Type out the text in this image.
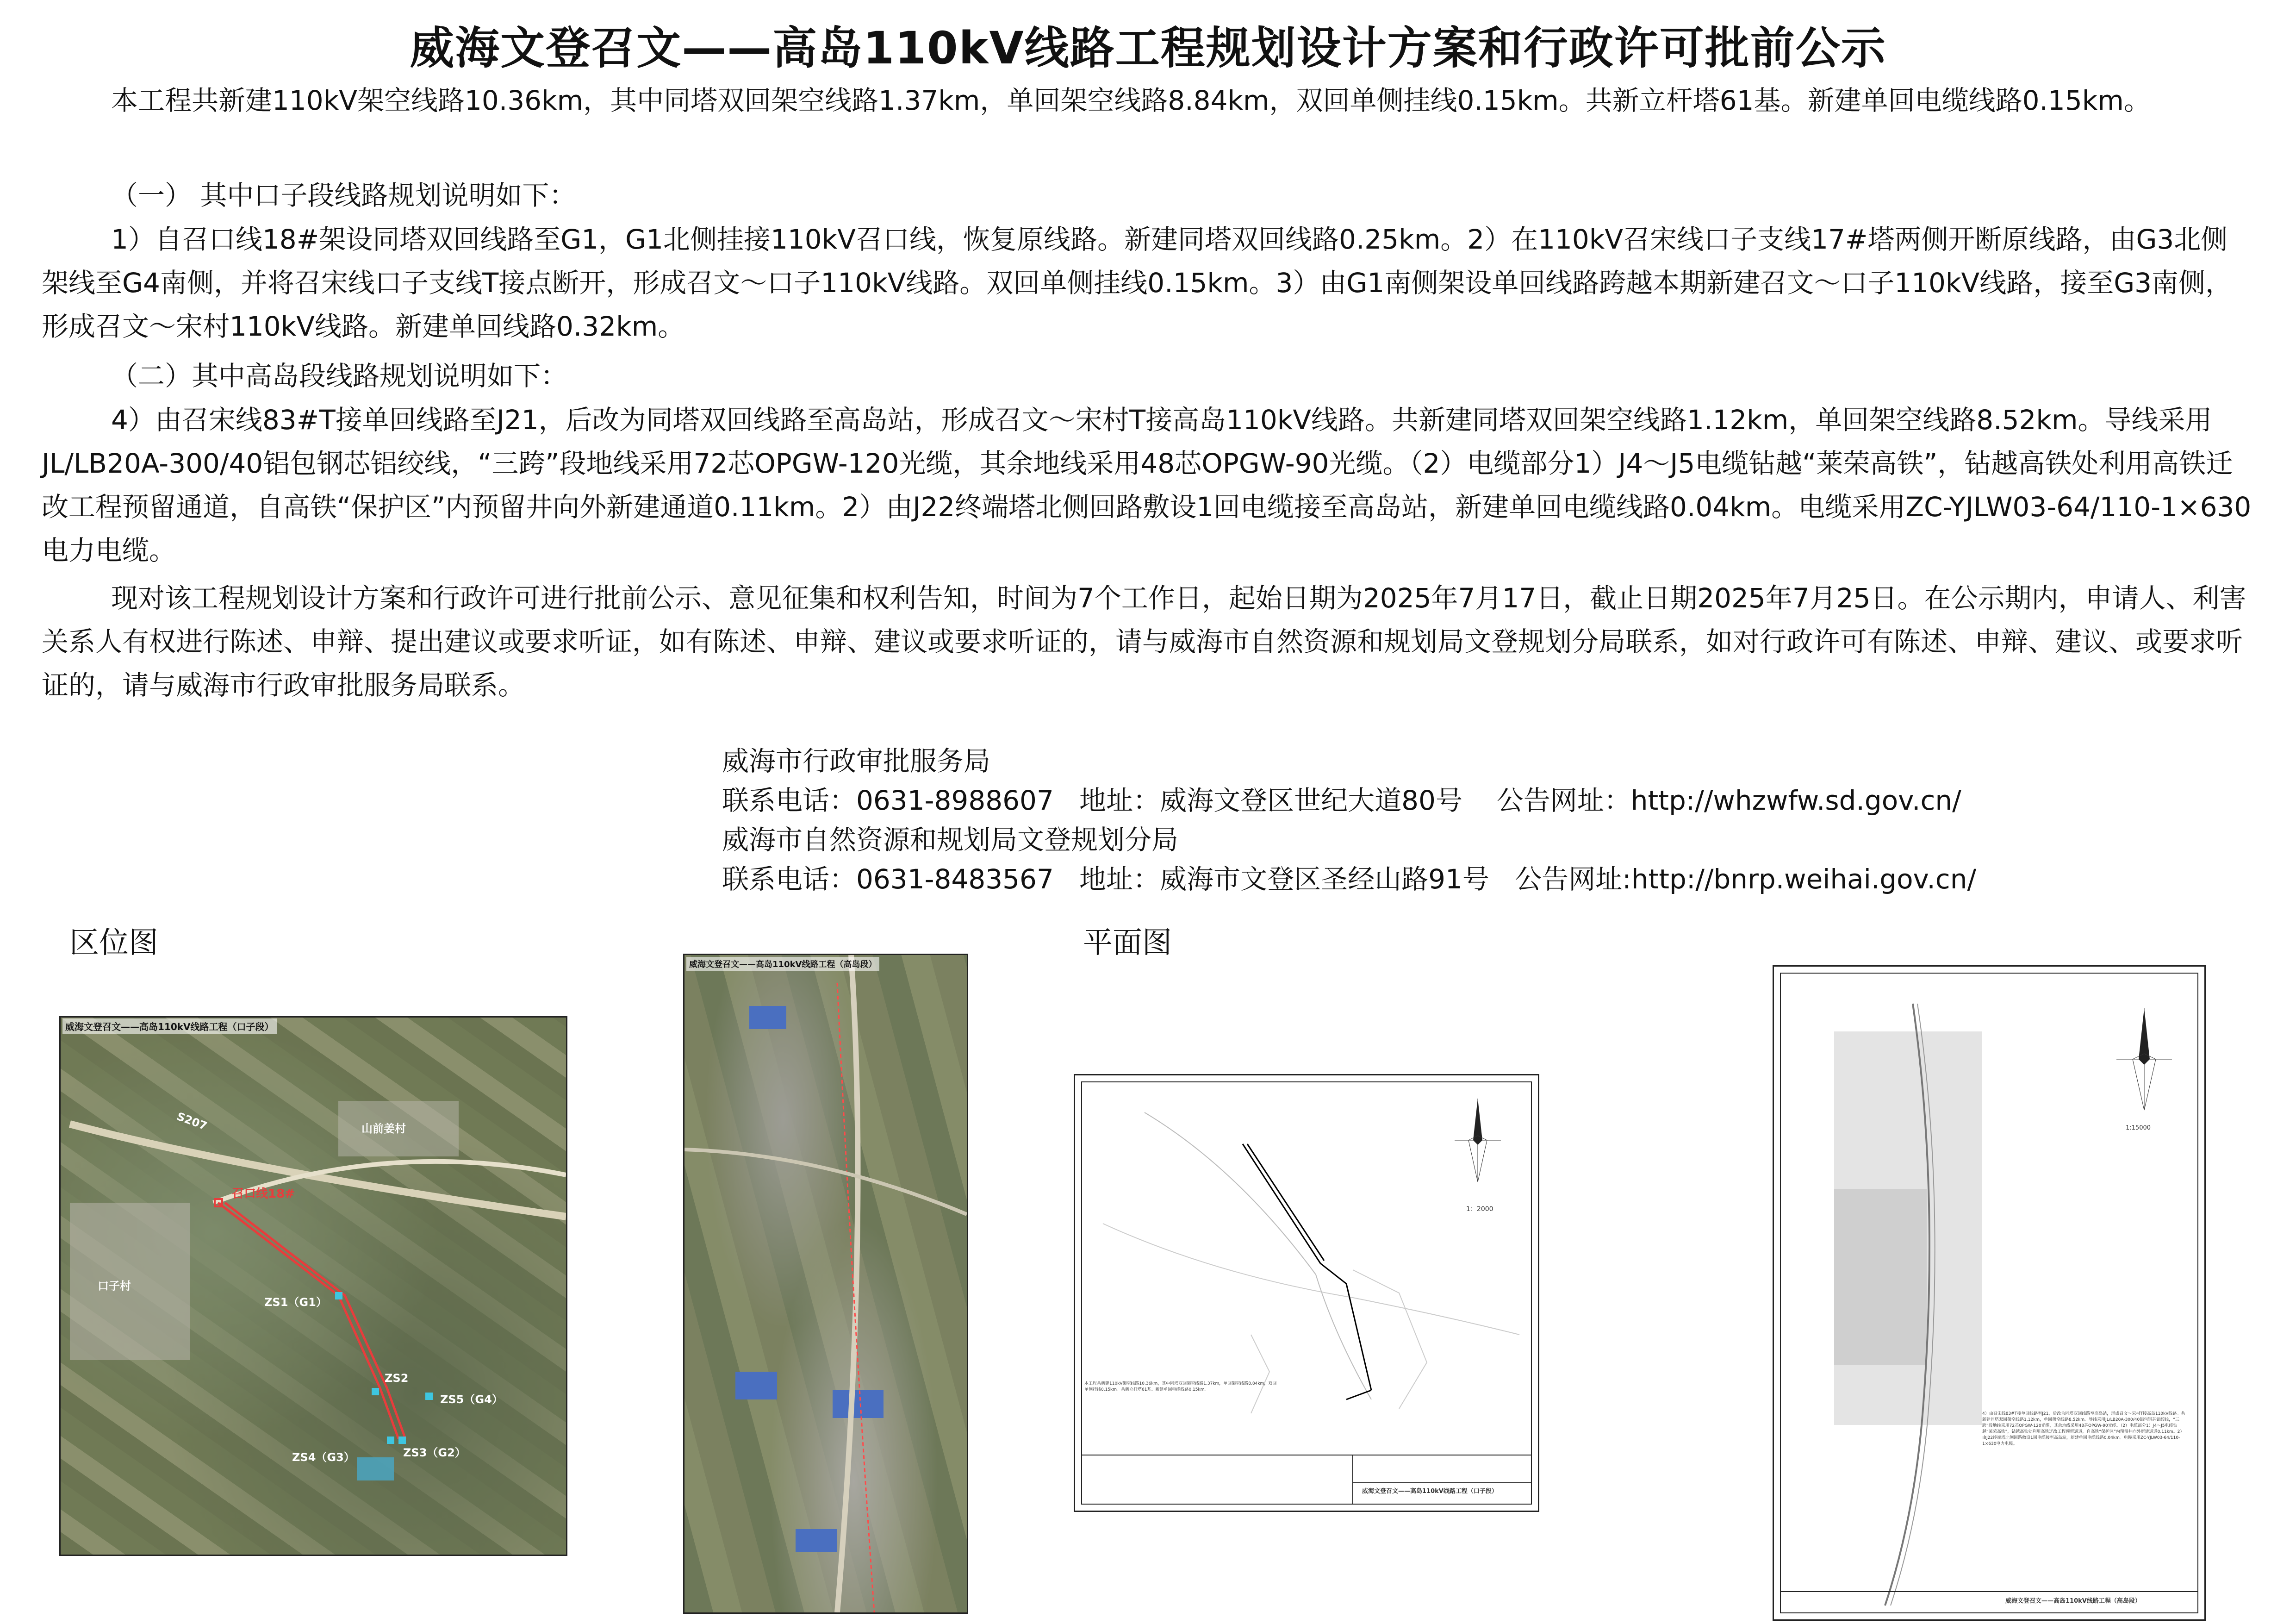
威海文登召文——高岛110kV线路工程规划设计方案和行政许可批前公示

本工程共新建110kV架空线路10.36km，其中同塔双回架空线路1.37km，单回架空线路8.84km，双回单侧挂线0.15km。共新立杆塔61基。新建单回电缆线路0.15km。

（一） 其中口子段线路规划说明如下：

1）自召口线18#架设同塔双回线路至G1，G1北侧挂接110kV召口线，恢复原线路。新建同塔双回线路0.25km。2）在110kV召宋线口子支线17#塔两侧开断原线路，由G3北侧架线至G4南侧，并将召宋线口子支线T接点断开，形成召文～口子110kV线路。双回单侧挂线0.15km。3）由G1南侧架设单回线路跨越本期新建召文～口子110kV线路，接至G3南侧，形成召文～宋村110kV线路。新建单回线路0.32km。

（二）其中高岛段线路规划说明如下：

4）由召宋线83#T接单回线路至J21，后改为同塔双回线路至高岛站，形成召文～宋村T接高岛110kV线路。共新建同塔双回架空线路1.12km，单回架空线路8.52km。导线采用JL/LB20A-300/40铝包钢芯铝绞线，“三跨”段地线采用72芯OPGW-120光缆，其余地线采用48芯OPGW-90光缆。（2）电缆部分1）J4～J5电缆钻越“莱荣高铁”，钻越高铁处利用高铁迁改工程预留通道，自高铁“保护区”内预留井向外新建通道0.11km。2）由J22终端塔北侧回路敷设1回电缆接至高岛站，新建单回电缆线路0.04km。电缆采用ZC-YJLW03-64/110-1×630电力电缆。

现对该工程规划设计方案和行政许可进行批前公示、意见征集和权利告知，时间为7个工作日，起始日期为2025年7月17日，截止日期2025年7月25日。在公示期内，申请人、利害关系人有权进行陈述、申辩、提出建议或要求听证，如有陈述、申辩、建议或要求听证的，请与威海市自然资源和规划局文登规划分局联系，如对行政许可有陈述、申辩、建议、或要求听证的，请与威海市行政审批服务局联系。

威海市行政审批服务局

联系电话：0631-8988607   地址：威海文登区世纪大道80号    公告网址：http://whzwfw.sd.gov.cn/

威海市自然资源和规划局文登规划分局

联系电话：0631-8483567   地址：威海市文登区圣经山路91号   公告网址:http://bnrp.weihai.gov.cn/

区位图	平面图

威海文登召文——高岛110kV线路工程（口子段）
S207	山前姜村
口子村
召口线18#
ZS1（G1）
ZS2
ZS5（G4）
ZS4（G3）	ZS3（G2）
威海文登召文——高岛110kV线路工程（高岛段）
1：2000
本工程共新建110kV架空线路10.36km，其中同塔双回架空线路1.37km，单回架空线路8.84km，双回单侧挂线0.15km。共新立杆塔61基。新建单回电缆线路0.15km。
威海文登召文——高岛110kV线路工程（口子段）
1:15000
4）由召宋线83#T接单回线路至J21，后改为同塔双回线路至高岛站，形成召文～宋村T接高岛110kV线路。共新建同塔双回架空线路1.12km，单回架空线路8.52km。导线采用JL/LB20A-300/40铝包钢芯铝绞线，“三跨”段地线采用72芯OPGW-120光缆，其余地线采用48芯OPGW-90光缆。（2）电缆部分1）J4～J5电缆钻越“莱荣高铁”，钻越高铁处利用高铁迁改工程预留通道，自高铁“保护区”内预留井向外新建通道0.11km。2）由J22终端塔北侧回路敷设1回电缆接至高岛站，新建单回电缆线路0.04km。电缆采用ZC-YJLW03-64/110-1×630电力电缆。
威海文登召文——高岛110kV线路工程（高岛段）
